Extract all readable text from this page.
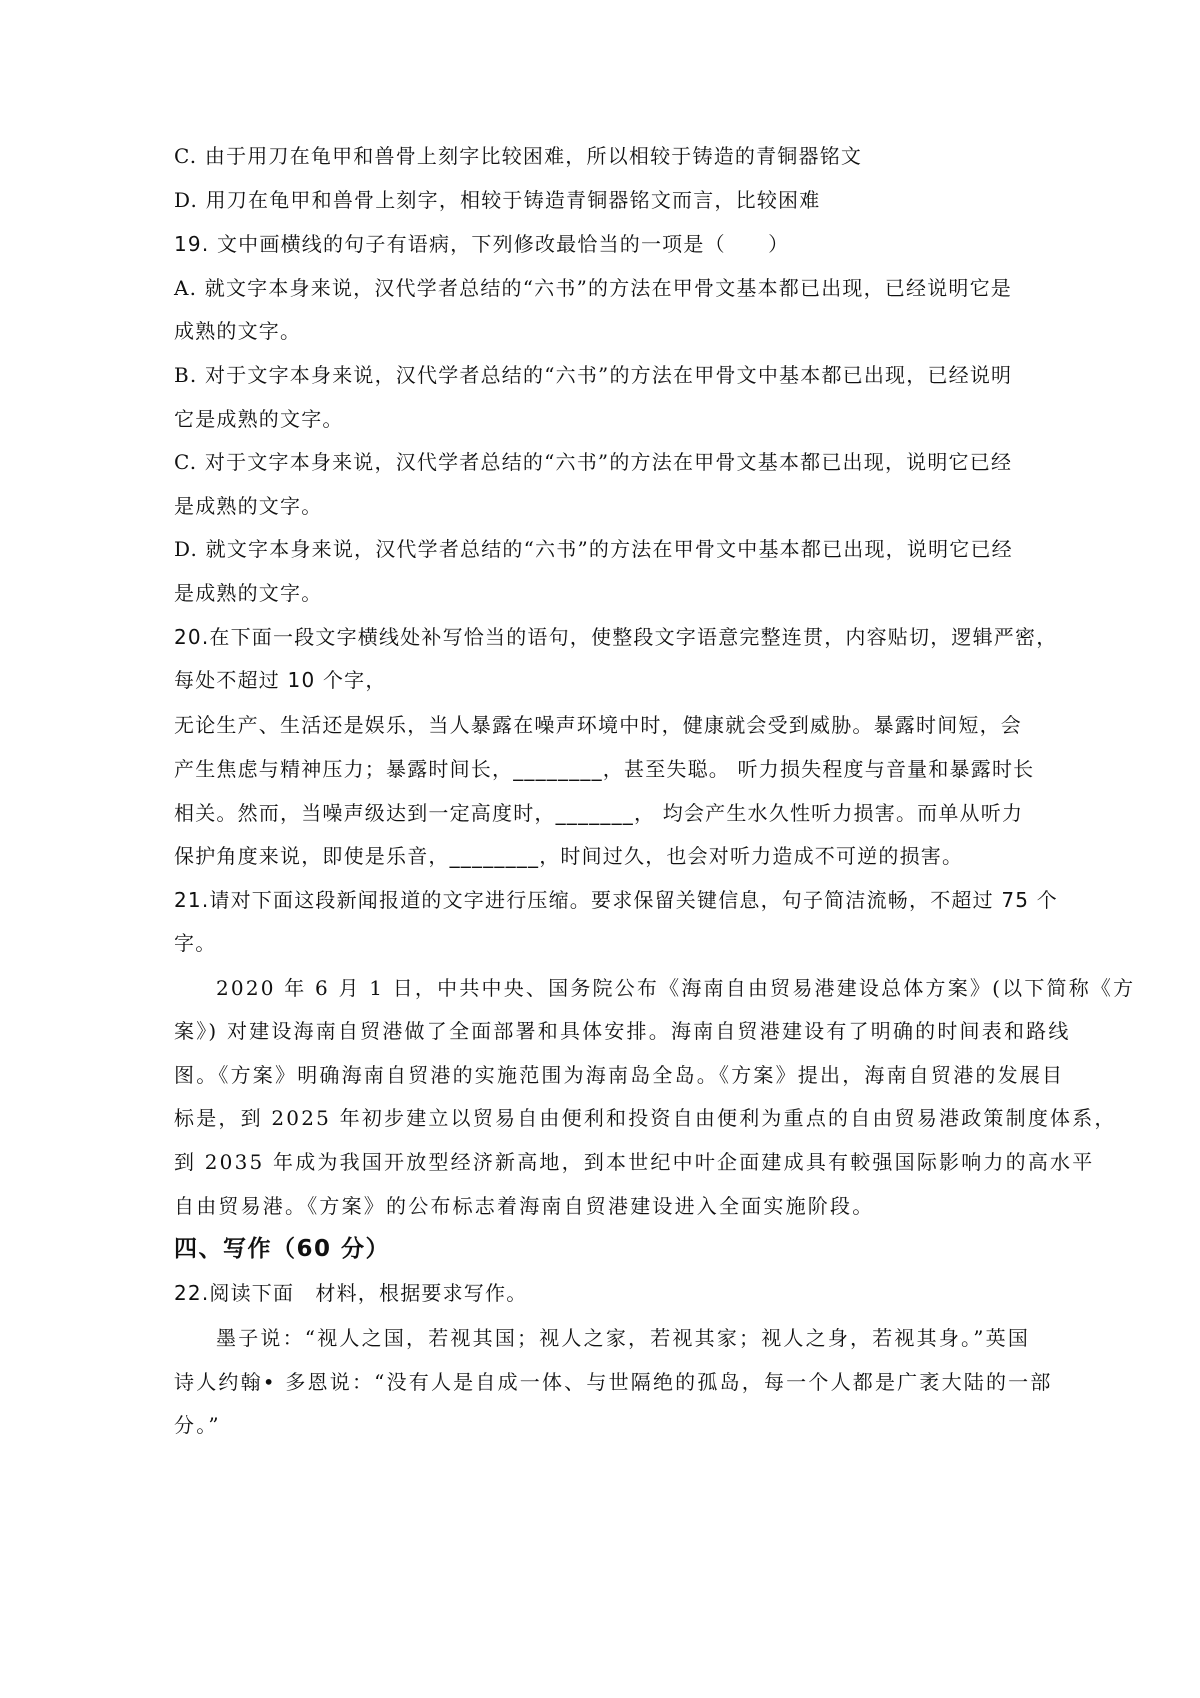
C. 由于用刀在龟甲和兽骨上刻字比较困难，所以相较于铸造的青铜器铭文
D. 用刀在龟甲和兽骨上刻字，相较于铸造青铜器铭文而言，比较困难
19. 文中画横线的句子有语病，下列修改最恰当的一项是（　　）
A. 就文字本身来说，汉代学者总结的“六书”的方法在甲骨文基本都已出现，已经说明它是
成熟的文字。
B. 对于文字本身来说，汉代学者总结的“六书”的方法在甲骨文中基本都已出现，已经说明
它是成熟的文字。
C. 对于文字本身来说，汉代学者总结的“六书”的方法在甲骨文基本都已出现，说明它已经
是成熟的文字。
D. 就文字本身来说，汉代学者总结的“六书”的方法在甲骨文中基本都已出现，说明它已经
是成熟的文字。
20.在下面一段文字横线处补写恰当的语句，使整段文字语意完整连贯，内容贴切，逻辑严密，
每处不超过 10 个字，
无论生产、生活还是娱乐，当人暴露在噪声环境中时，健康就会受到威胁。暴露时间短，会
产生焦虑与精神压力；暴露时间长，________，甚至失聪。 听力损失程度与音量和暴露时长
相关。然而，当噪声级达到一定高度时，_______， 均会产生水久性听力损害。而单从听力
保护角度来说，即使是乐音，________，时间过久，也会对听力造成不可逆的损害。
21.请对下面这段新闻报道的文字进行压缩。要求保留关键信息，句子简洁流畅，不超过 75 个
字。
2020 年 6 月 1 日，中共中央、国务院公布《海南自由贸易港建设总体方案》(以下简称《方
案》) 对建设海南自贸港做了全面部署和具体安排。海南自贸港建设有了明确的时间表和路线
图。《方案》明确海南自贸港的实施范围为海南岛全岛。《方案》提出，海南自贸港的发展目
标是，到 2025 年初步建立以贸易自由便利和投资自由便利为重点的自由贸易港政策制度体系，
到 2035 年成为我国开放型经济新高地，到本世纪中叶企面建成具有較强国际影响力的高水平
自由贸易港。《方案》的公布标志着海南自贸港建设进入全面实施阶段。
四、写作（60 分）
22.阅读下面　材料，根据要求写作。
墨子说：“视人之国，若视其国；视人之家，若视其家；视人之身，若视其身。”英国
诗人约翰• 多恩说：“没有人是自成一体、与世隔绝的孤岛，每一个人都是广袤大陆的一部
分。”
